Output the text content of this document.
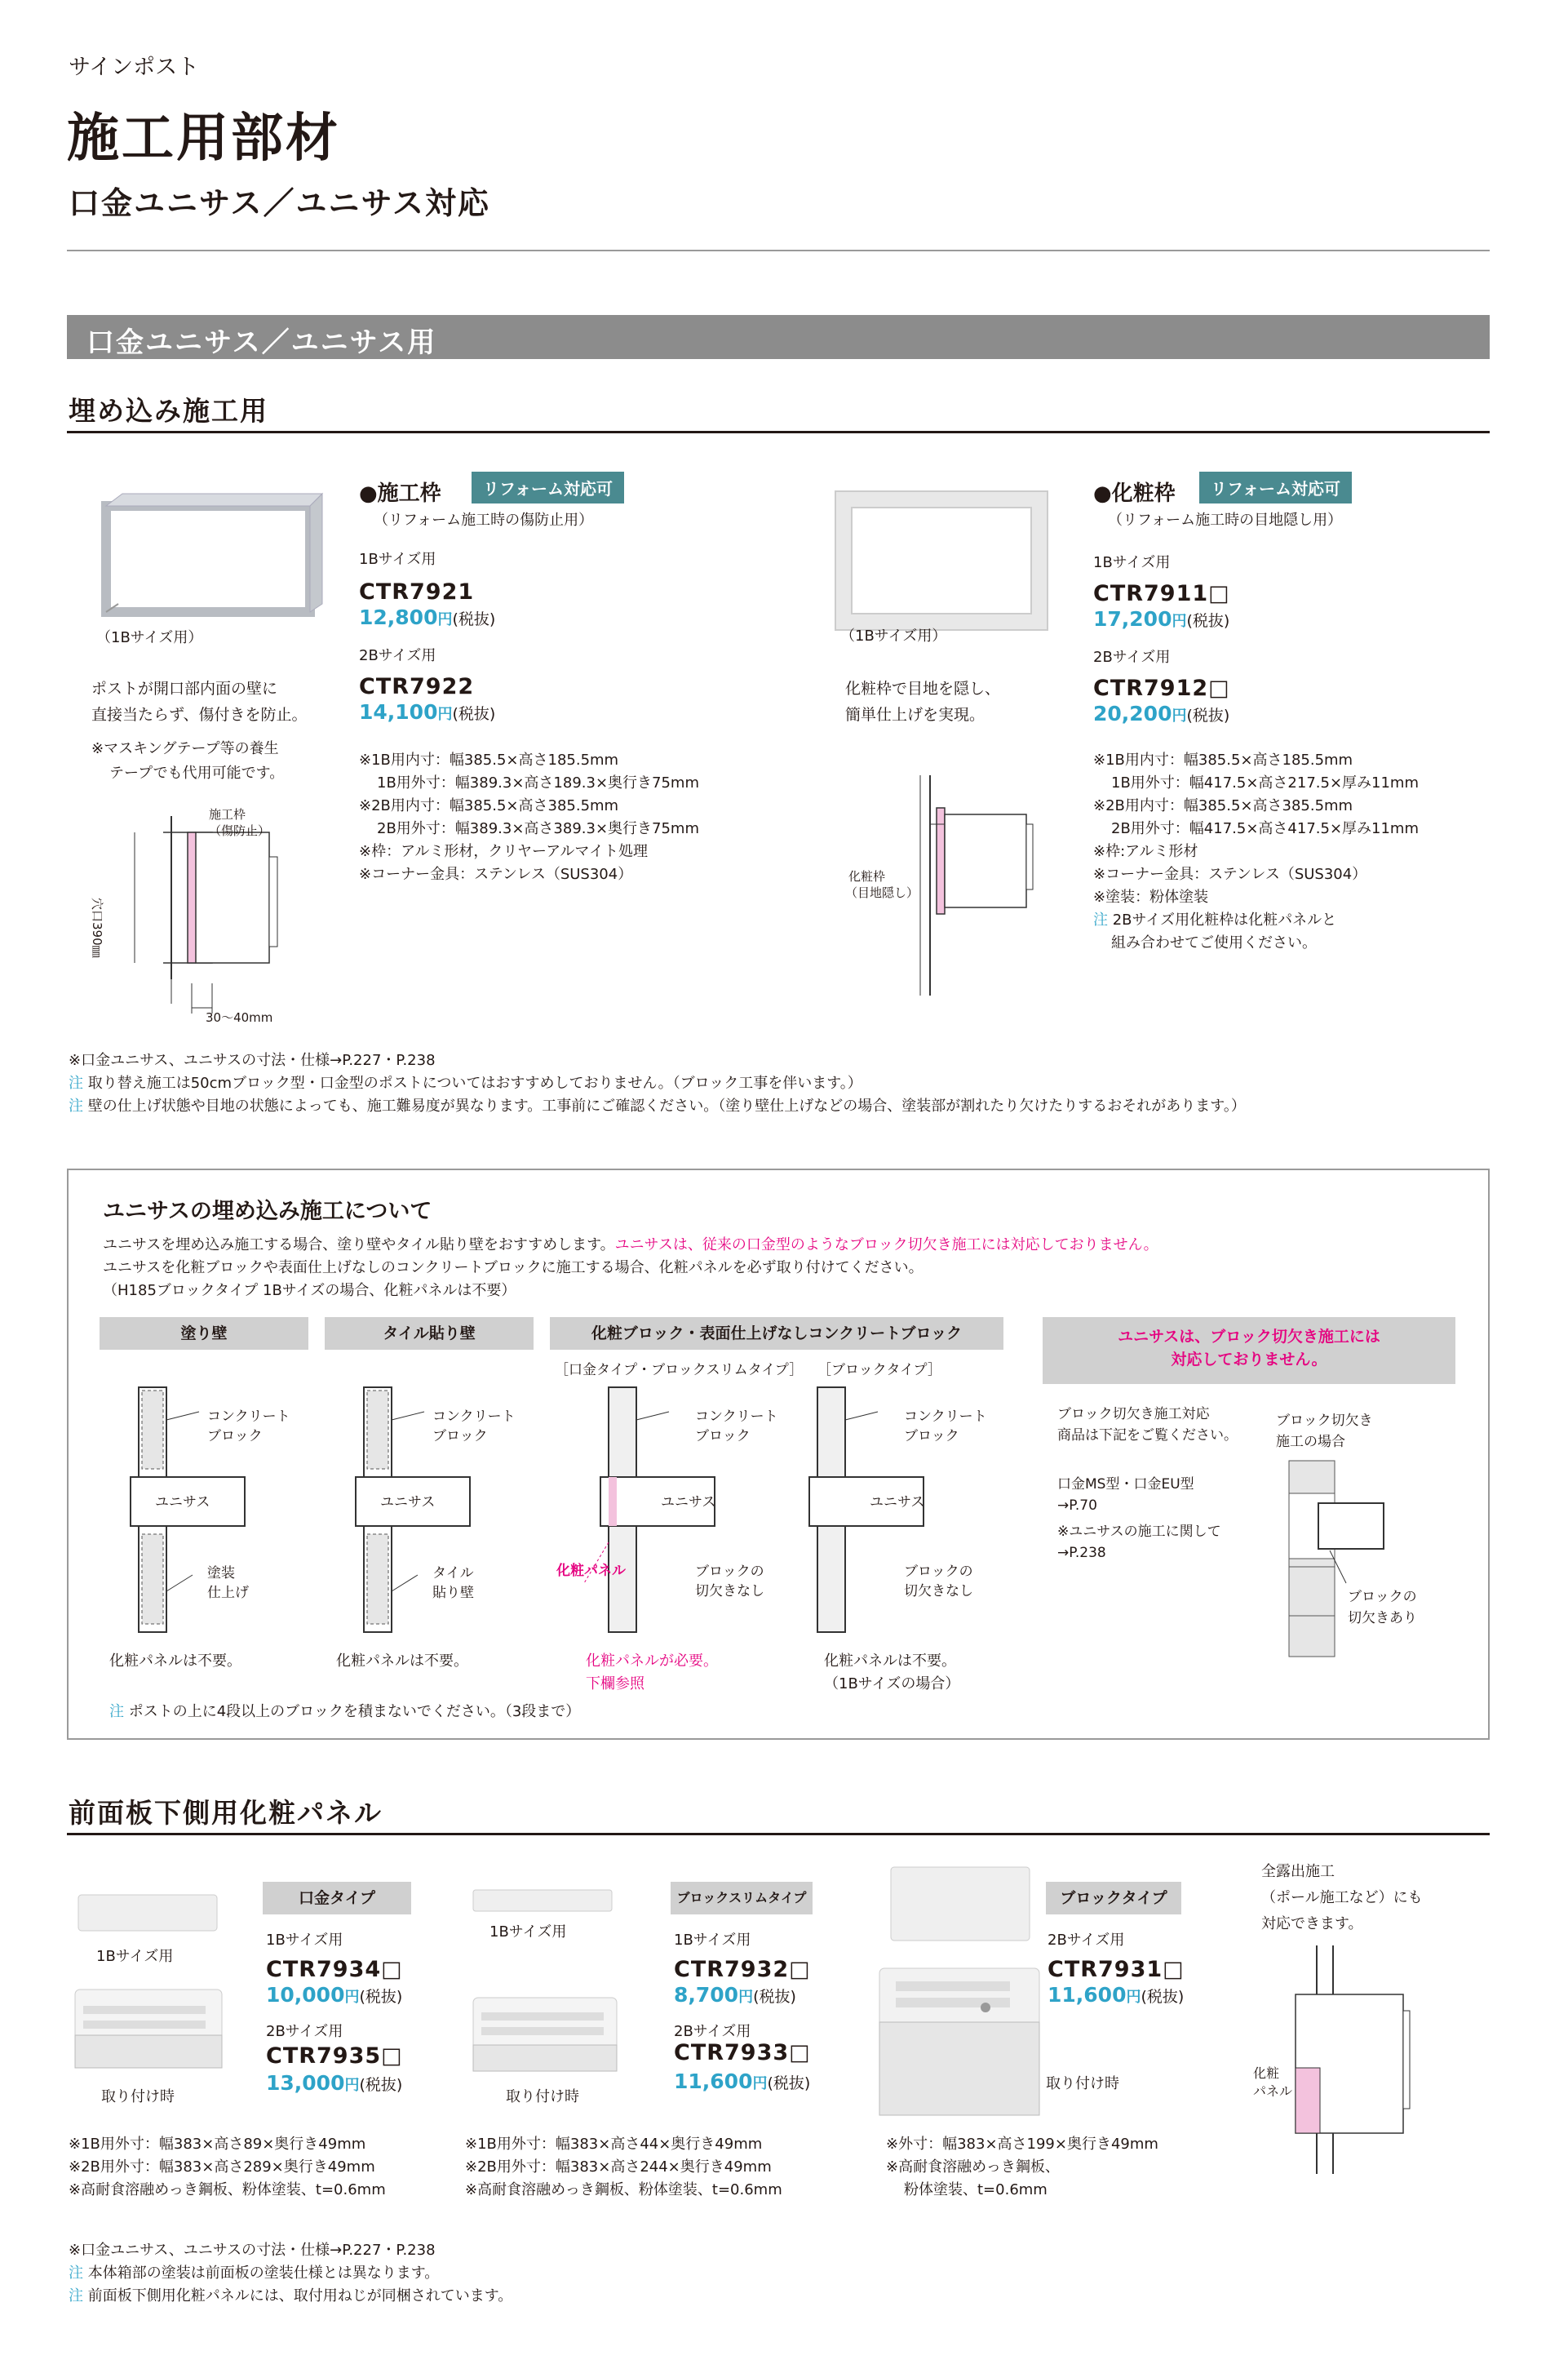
サインポスト
施工用部材
口金ユニサス／ユニサス対応
口金ユニサス／ユニサス用
埋め込み施工用
（1Bサイズ用）
ポストが開口部内面の壁に
直接当たらず、傷付きを防止。
※マスキングテープ等の養生
テープでも代用可能です。
施工枠
（傷防止）
穴口390㎜
30〜40mm
●施工枠	リフォーム対応可
（リフォーム施工時の傷防止用）
1Bサイズ用
CTR7921
12,800円(税抜)
2Bサイズ用
CTR7922
14,100円(税抜)
※1B用内寸：幅385.5×高さ185.5mm
1B用外寸：幅389.3×高さ189.3×奥行き75mm
※2B用内寸：幅385.5×高さ385.5mm
2B用外寸：幅389.3×高さ389.3×奥行き75mm
※枠：アルミ形材，クリヤーアルマイト処理
※コーナー金具：ステンレス（SUS304）
（1Bサイズ用）
化粧枠で目地を隠し、
簡単仕上げを実現。
化粧枠
（目地隠し）
●化粧枠	リフォーム対応可
（リフォーム施工時の目地隠し用）
1Bサイズ用
CTR7911□
17,200円(税抜)
2Bサイズ用
CTR7912□
20,200円(税抜)
※1B用内寸：幅385.5×高さ185.5mm
1B用外寸：幅417.5×高さ217.5×厚み11mm
※2B用内寸：幅385.5×高さ385.5mm
2B用外寸：幅417.5×高さ417.5×厚み11mm
※枠:アルミ形材
※コーナー金具：ステンレス（SUS304）
※塗装：粉体塗装
注 2Bサイズ用化粧枠は化粧パネルと
組み合わせてご使用ください。
※口金ユニサス、ユニサスの寸法・仕様→P.227・P.238
注 取り替え施工は50cmブロック型・口金型のポストについてはおすすめしておりません。（ブロック工事を伴います。）
注 壁の仕上げ状態や目地の状態によっても、施工難易度が異なります。工事前にご確認ください。（塗り壁仕上げなどの場合、塗装部が割れたり欠けたりするおそれがあります。）
ユニサスの埋め込み施工について
ユニサスを埋め込み施工する場合、塗り壁やタイル貼り壁をおすすめします。ユニサスは、従来の口金型のようなブロック切欠き施工には対応しておりません。
ユニサスを化粧ブロックや表面仕上げなしのコンクリートブロックに施工する場合、化粧パネルを必ず取り付けてください。
（H185ブロックタイプ 1Bサイズの場合、化粧パネルは不要）
塗り壁	タイル貼り壁	化粧ブロック・表面仕上げなしコンクリートブロック	ユニサスは、ブロック切欠き施工には
対応しておりません。
［口金タイプ・ブロックスリムタイプ］ ［ブロックタイプ］
コンクリート
ブロック
ユニサス
塗装
仕上げ
化粧パネルは不要。
コンクリート
ブロック
ユニサス
タイル
貼り壁
化粧パネルは不要。
コンクリート
ブロック
ユニサス
化粧パネル	ブロックの
切欠きなし
化粧パネルが必要。
下欄参照
コンクリート
ブロック
ユニサス
ブロックの
切欠きなし
化粧パネルは不要。
（1Bサイズの場合）
ブロック切欠き施工対応
商品は下記をご覧ください。
口金MS型・口金EU型
→P.70
※ユニサスの施工に関して
→P.238
ブロック切欠き
施工の場合
ブロックの
切欠きあり
注 ポストの上に4段以上のブロックを積まないでください。（3段まで）
前面板下側用化粧パネル
1Bサイズ用
取り付け時
口金タイプ
1Bサイズ用
CTR7934□
10,000円(税抜)
2Bサイズ用
CTR7935□
13,000円(税抜)
※1B用外寸：幅383×高さ89×奥行き49mm
※2B用外寸：幅383×高さ289×奥行き49mm
※高耐食溶融めっき鋼板、粉体塗装、t=0.6mm
1Bサイズ用
取り付け時
ブロックスリムタイプ
1Bサイズ用
CTR7932□
8,700円(税抜)
2Bサイズ用
CTR7933□
11,600円(税抜)
※1B用外寸：幅383×高さ44×奥行き49mm
※2B用外寸：幅383×高さ244×奥行き49mm
※高耐食溶融めっき鋼板、粉体塗装、t=0.6mm
取り付け時
ブロックタイプ
2Bサイズ用
CTR7931□
11,600円(税抜)
※外寸：幅383×高さ199×奥行き49mm
※高耐食溶融めっき鋼板、
粉体塗装、t=0.6mm
全露出施工
（ポール施工など）にも
対応できます。
化粧
パネル
※口金ユニサス、ユニサスの寸法・仕様→P.227・P.238
注 本体箱部の塗装は前面板の塗装仕様とは異なります。
注 前面板下側用化粧パネルには、取付用ねじが同梱されています。
